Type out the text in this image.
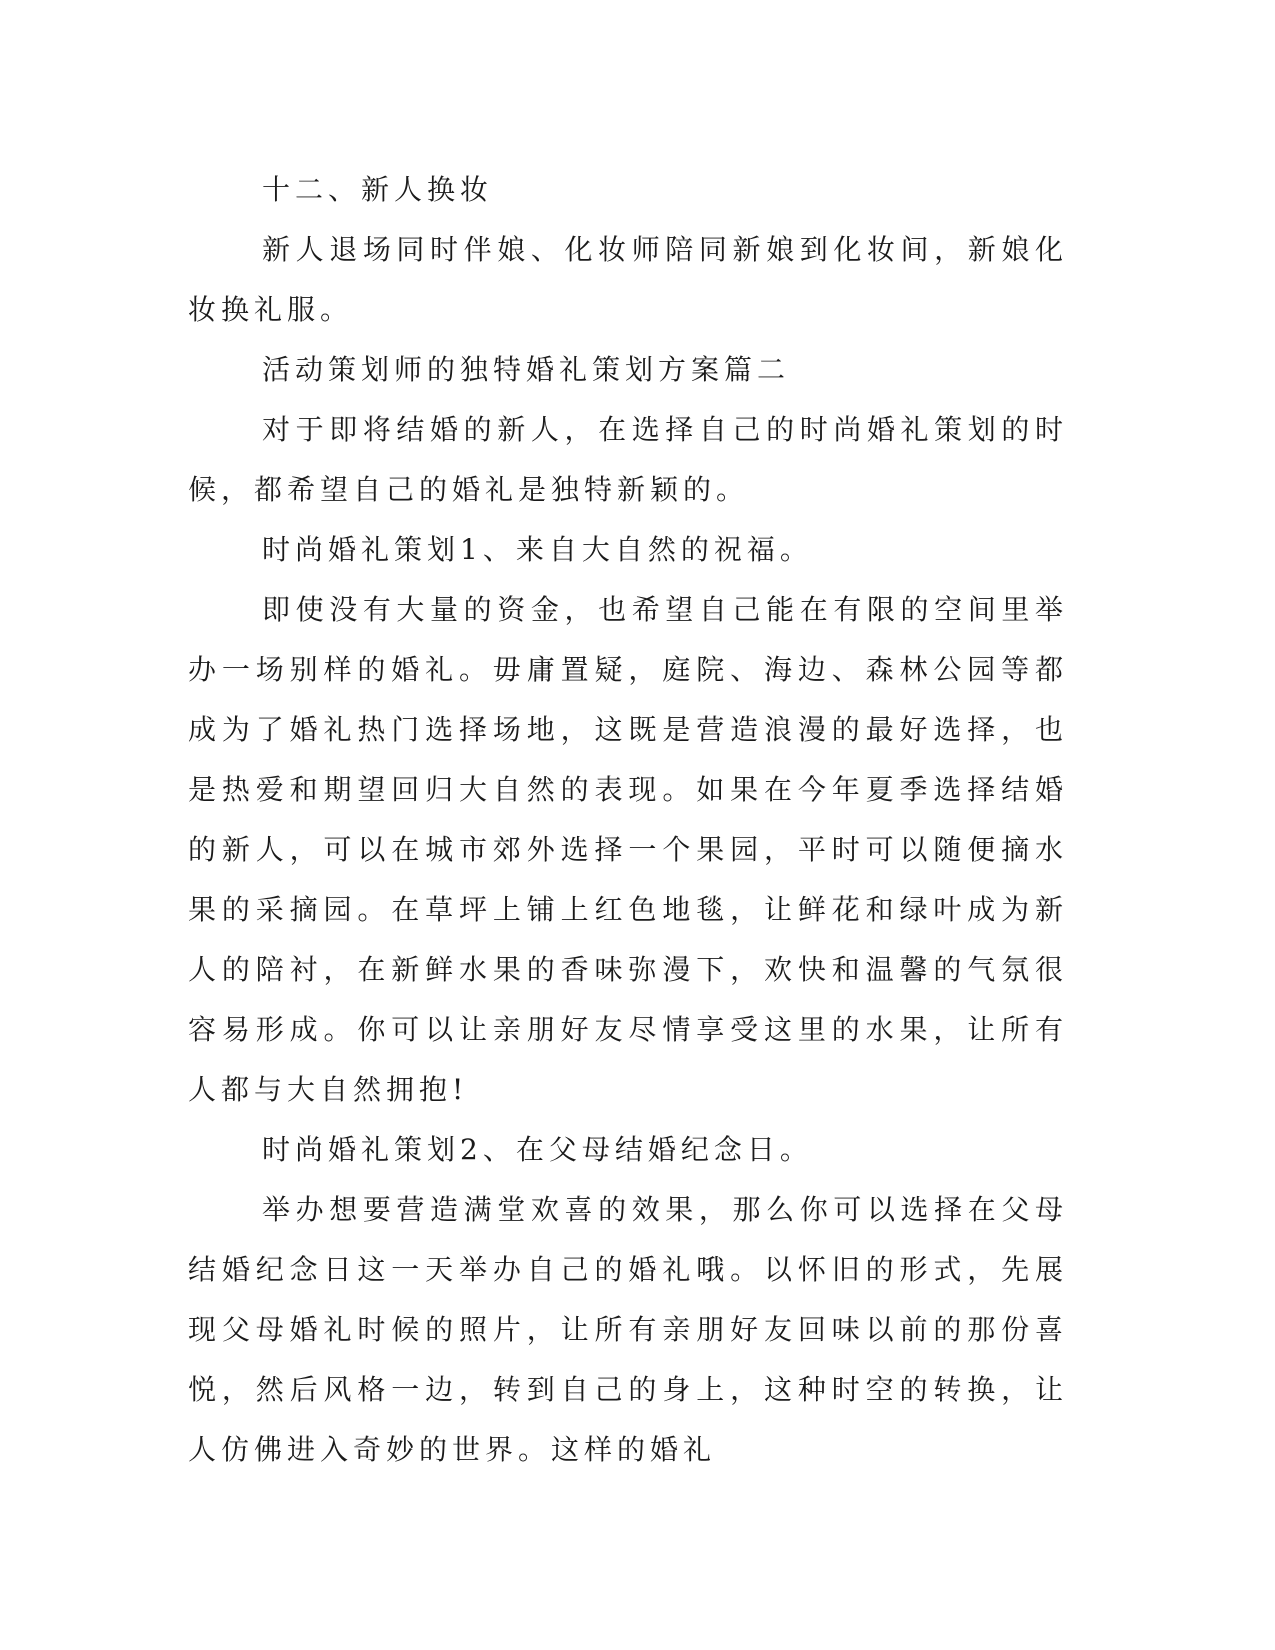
十二、新人换妆

新人退场同时伴娘、化妆师陪同新娘到化妆间，新娘化妆换礼服。

活动策划师的独特婚礼策划方案篇二

对于即将结婚的新人，在选择自己的时尚婚礼策划的时候，都希望自己的婚礼是独特新颖的。

时尚婚礼策划1、来自大自然的祝福。

即使没有大量的资金，也希望自己能在有限的空间里举办一场别样的婚礼。毋庸置疑，庭院、海边、森林公园等都成为了婚礼热门选择场地，这既是营造浪漫的最好选择，也是热爱和期望回归大自然的表现。如果在今年夏季选择结婚的新人，可以在城市郊外选择一个果园，平时可以随便摘水果的采摘园。在草坪上铺上红色地毯，让鲜花和绿叶成为新人的陪衬，在新鲜水果的香味弥漫下，欢快和温馨的气氛很容易形成。你可以让亲朋好友尽情享受这里的水果，让所有人都与大自然拥抱!

时尚婚礼策划2、在父母结婚纪念日。

举办想要营造满堂欢喜的效果，那么你可以选择在父母结婚纪念日这一天举办自己的婚礼哦。以怀旧的形式，先展现父母婚礼时候的照片，让所有亲朋好友回味以前的那份喜悦，然后风格一边，转到自己的身上，这种时空的转换，让人仿佛进入奇妙的世界。这样的婚礼
